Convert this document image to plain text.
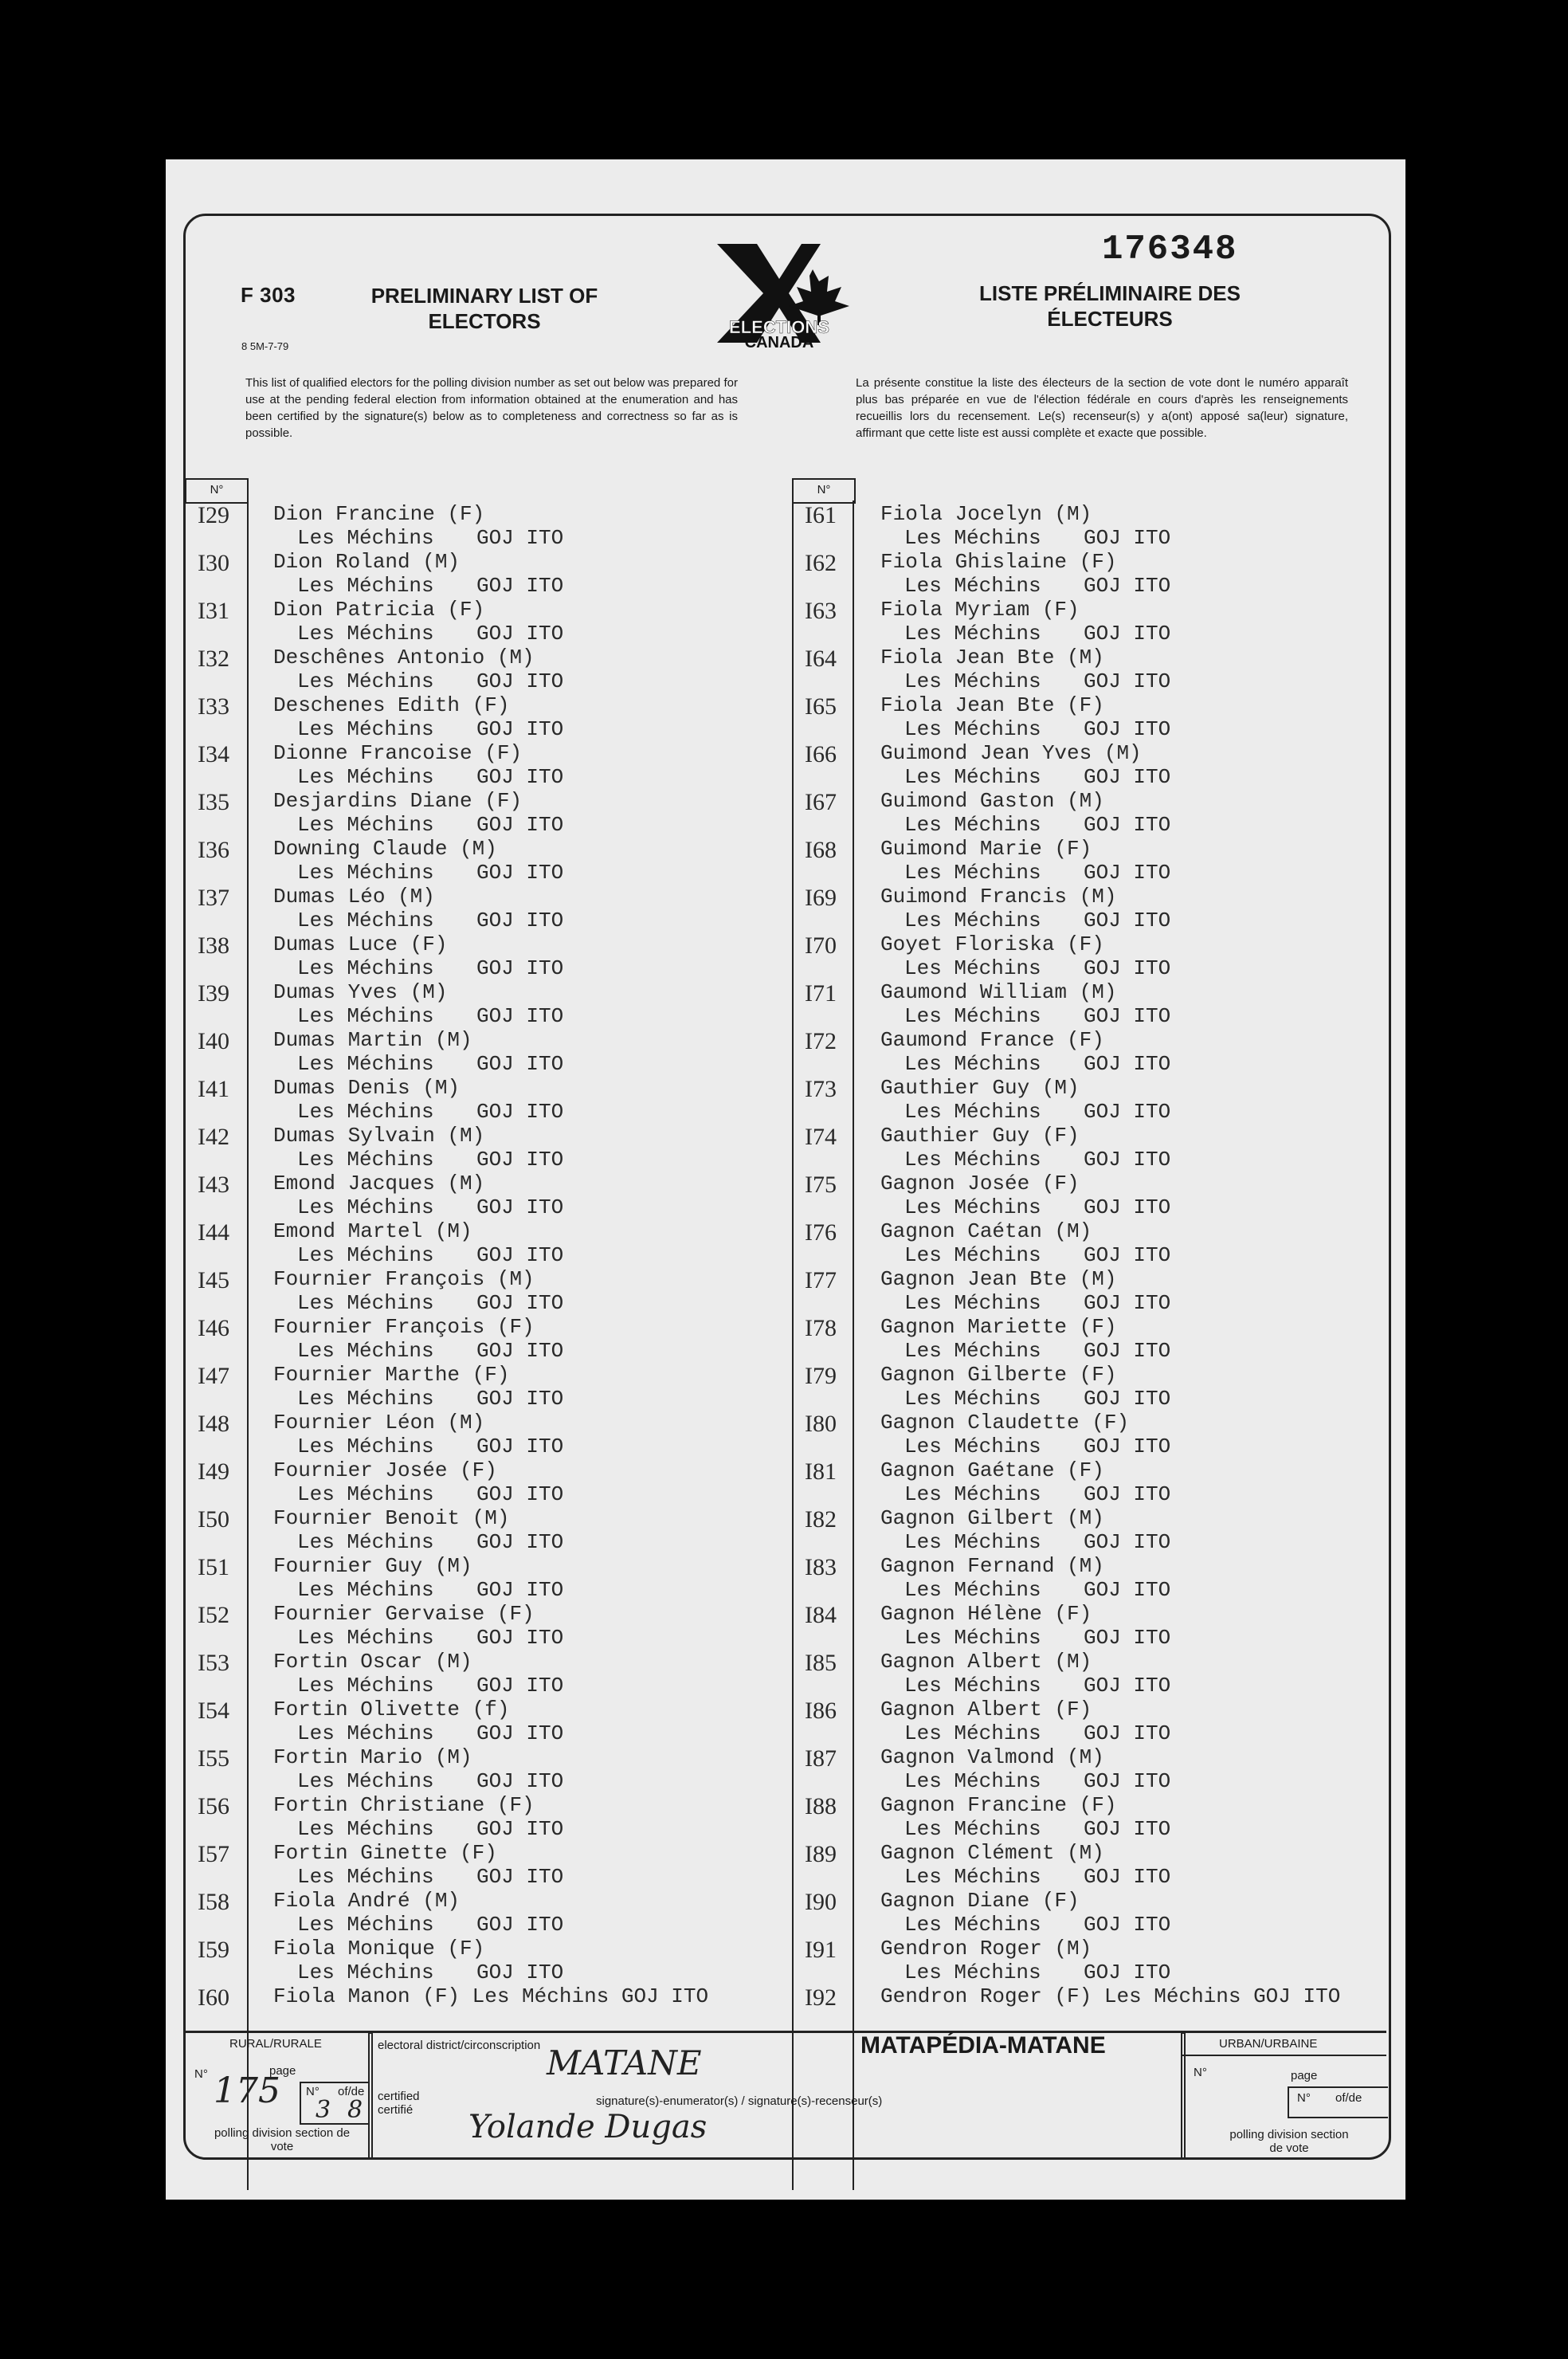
176348
F 303
8 5M-7-79
PRELIMINARY LIST OF ELECTORS
LISTE PRÉLIMINAIRE DES ÉLECTEURS
ELECTIONS
CANADA
This list of qualified electors for the polling division number as set out below was prepared for use at the pending federal election from information obtained at the enumeration and has been certified by the signature(s) below as to completeness and correctness so far as is possible.
La présente constitue la liste des électeurs de la section de vote dont le numéro apparaît plus bas préparée en vue de l'élection fédérale en cours d'après les renseignements recueillis lors du recensement. Le(s) recenseur(s) y a(ont) apposé sa(leur) signature, affirmant que cette liste est aussi complète et exacte que possible.
N°	N°
I29	Dion Francine (F)
Les Méchins GOJ ITO
I30	Dion Roland (M)
Les Méchins GOJ ITO
I31	Dion Patricia (F)
Les Méchins GOJ ITO
I32	Deschênes Antonio (M)
Les Méchins GOJ ITO
I33	Deschenes Edith (F)
Les Méchins GOJ ITO
I34	Dionne Francoise (F)
Les Méchins GOJ ITO
I35	Desjardins Diane (F)
Les Méchins GOJ ITO
I36	Downing Claude (M)
Les Méchins GOJ ITO
I37	Dumas Léo (M)
Les Méchins GOJ ITO
I38	Dumas Luce (F)
Les Méchins GOJ ITO
I39	Dumas Yves (M)
Les Méchins GOJ ITO
I40	Dumas Martin (M)
Les Méchins GOJ ITO
I41	Dumas Denis (M)
Les Méchins GOJ ITO
I42	Dumas Sylvain (M)
Les Méchins GOJ ITO
I43	Emond Jacques (M)
Les Méchins GOJ ITO
I44	Emond Martel (M)
Les Méchins GOJ ITO
I45	Fournier François (M)
Les Méchins GOJ ITO
I46	Fournier François (F)
Les Méchins GOJ ITO
I47	Fournier Marthe (F)
Les Méchins GOJ ITO
I48	Fournier Léon (M)
Les Méchins GOJ ITO
I49	Fournier Josée (F)
Les Méchins GOJ ITO
I50	Fournier Benoit (M)
Les Méchins GOJ ITO
I51	Fournier Guy (M)
Les Méchins GOJ ITO
I52	Fournier Gervaise (F)
Les Méchins GOJ ITO
I53	Fortin Oscar (M)
Les Méchins GOJ ITO
I54	Fortin Olivette (f)
Les Méchins GOJ ITO
I55	Fortin Mario (M)
Les Méchins GOJ ITO
I56	Fortin Christiane (F)
Les Méchins GOJ ITO
I57	Fortin Ginette (F)
Les Méchins GOJ ITO
I58	Fiola André (M)
Les Méchins GOJ ITO
I59	Fiola Monique (F)
Les Méchins GOJ ITO
I60	Fiola Manon (F) Les Méchins GOJ ITO
I61	Fiola Jocelyn (M)
Les Méchins GOJ ITO
I62	Fiola Ghislaine (F)
Les Méchins GOJ ITO
I63	Fiola Myriam (F)
Les Méchins GOJ ITO
I64	Fiola Jean Bte (M)
Les Méchins GOJ ITO
I65	Fiola Jean Bte (F)
Les Méchins GOJ ITO
I66	Guimond Jean Yves (M)
Les Méchins GOJ ITO
I67	Guimond Gaston (M)
Les Méchins GOJ ITO
I68	Guimond Marie (F)
Les Méchins GOJ ITO
I69	Guimond Francis (M)
Les Méchins GOJ ITO
I70	Goyet Floriska (F)
Les Méchins GOJ ITO
I71	Gaumond William (M)
Les Méchins GOJ ITO
I72	Gaumond France (F)
Les Méchins GOJ ITO
I73	Gauthier Guy (M)
Les Méchins GOJ ITO
I74	Gauthier Guy (F)
Les Méchins GOJ ITO
I75	Gagnon Josée (F)
Les Méchins GOJ ITO
I76	Gagnon Caétan (M)
Les Méchins GOJ ITO
I77	Gagnon Jean Bte (M)
Les Méchins GOJ ITO
I78	Gagnon Mariette (F)
Les Méchins GOJ ITO
I79	Gagnon Gilberte (F)
Les Méchins GOJ ITO
I80	Gagnon Claudette (F)
Les Méchins GOJ ITO
I81	Gagnon Gaétane (F)
Les Méchins GOJ ITO
I82	Gagnon Gilbert (M)
Les Méchins GOJ ITO
I83	Gagnon Fernand (M)
Les Méchins GOJ ITO
I84	Gagnon Hélène (F)
Les Méchins GOJ ITO
I85	Gagnon Albert (M)
Les Méchins GOJ ITO
I86	Gagnon Albert (F)
Les Méchins GOJ ITO
I87	Gagnon Valmond (M)
Les Méchins GOJ ITO
I88	Gagnon Francine (F)
Les Méchins GOJ ITO
I89	Gagnon Clément (M)
Les Méchins GOJ ITO
I90	Gagnon Diane (F)
Les Méchins GOJ ITO
I91	Gendron Roger (M)
Les Méchins GOJ ITO
I92	Gendron Roger (F) Les Méchins GOJ ITO
RURAL/RURALE	electoral district/circonscription MATANE	MATAPÉDIA-MATANE	URBAN/URBAINE
N°	page
175 N° of/de
3 8 certified certifié
signature(s)-enumerator(s) / signature(s)-recenseur(s)
Yolande Dugas
N°	page
N° of/de
polling division section de vote
polling division section de vote
